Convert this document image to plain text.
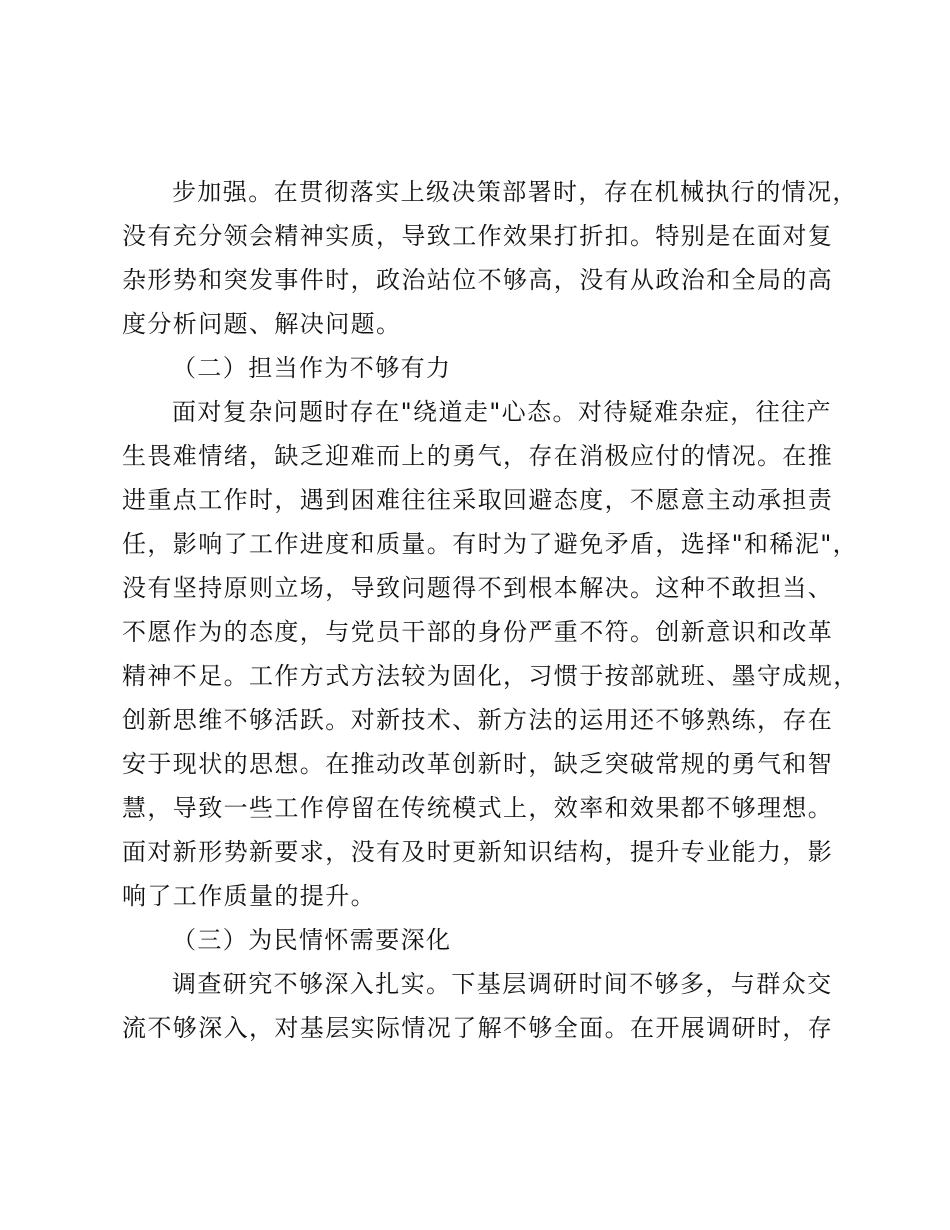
步加强。在贯彻落实上级决策部署时，存在机械执行的情况，
没有充分领会精神实质，导致工作效果打折扣。特别是在面对复
杂形势和突发事件时，政治站位不够高，没有从政治和全局的高
度分析问题、解决问题。
（二）担当作为不够有力
面对复杂问题时存在"绕道走"心态。对待疑难杂症，往往产
生畏难情绪，缺乏迎难而上的勇气，存在消极应付的情况。在推
进重点工作时，遇到困难往往采取回避态度，不愿意主动承担责
任，影响了工作进度和质量。有时为了避免矛盾，选择"和稀泥"，
没有坚持原则立场，导致问题得不到根本解决。这种不敢担当、
不愿作为的态度，与党员干部的身份严重不符。创新意识和改革
精神不足。工作方式方法较为固化，习惯于按部就班、墨守成规，
创新思维不够活跃。对新技术、新方法的运用还不够熟练，存在
安于现状的思想。在推动改革创新时，缺乏突破常规的勇气和智
慧，导致一些工作停留在传统模式上，效率和效果都不够理想。
面对新形势新要求，没有及时更新知识结构，提升专业能力，影
响了工作质量的提升。
（三）为民情怀需要深化
调查研究不够深入扎实。下基层调研时间不够多，与群众交
流不够深入，对基层实际情况了解不够全面。在开展调研时，存
